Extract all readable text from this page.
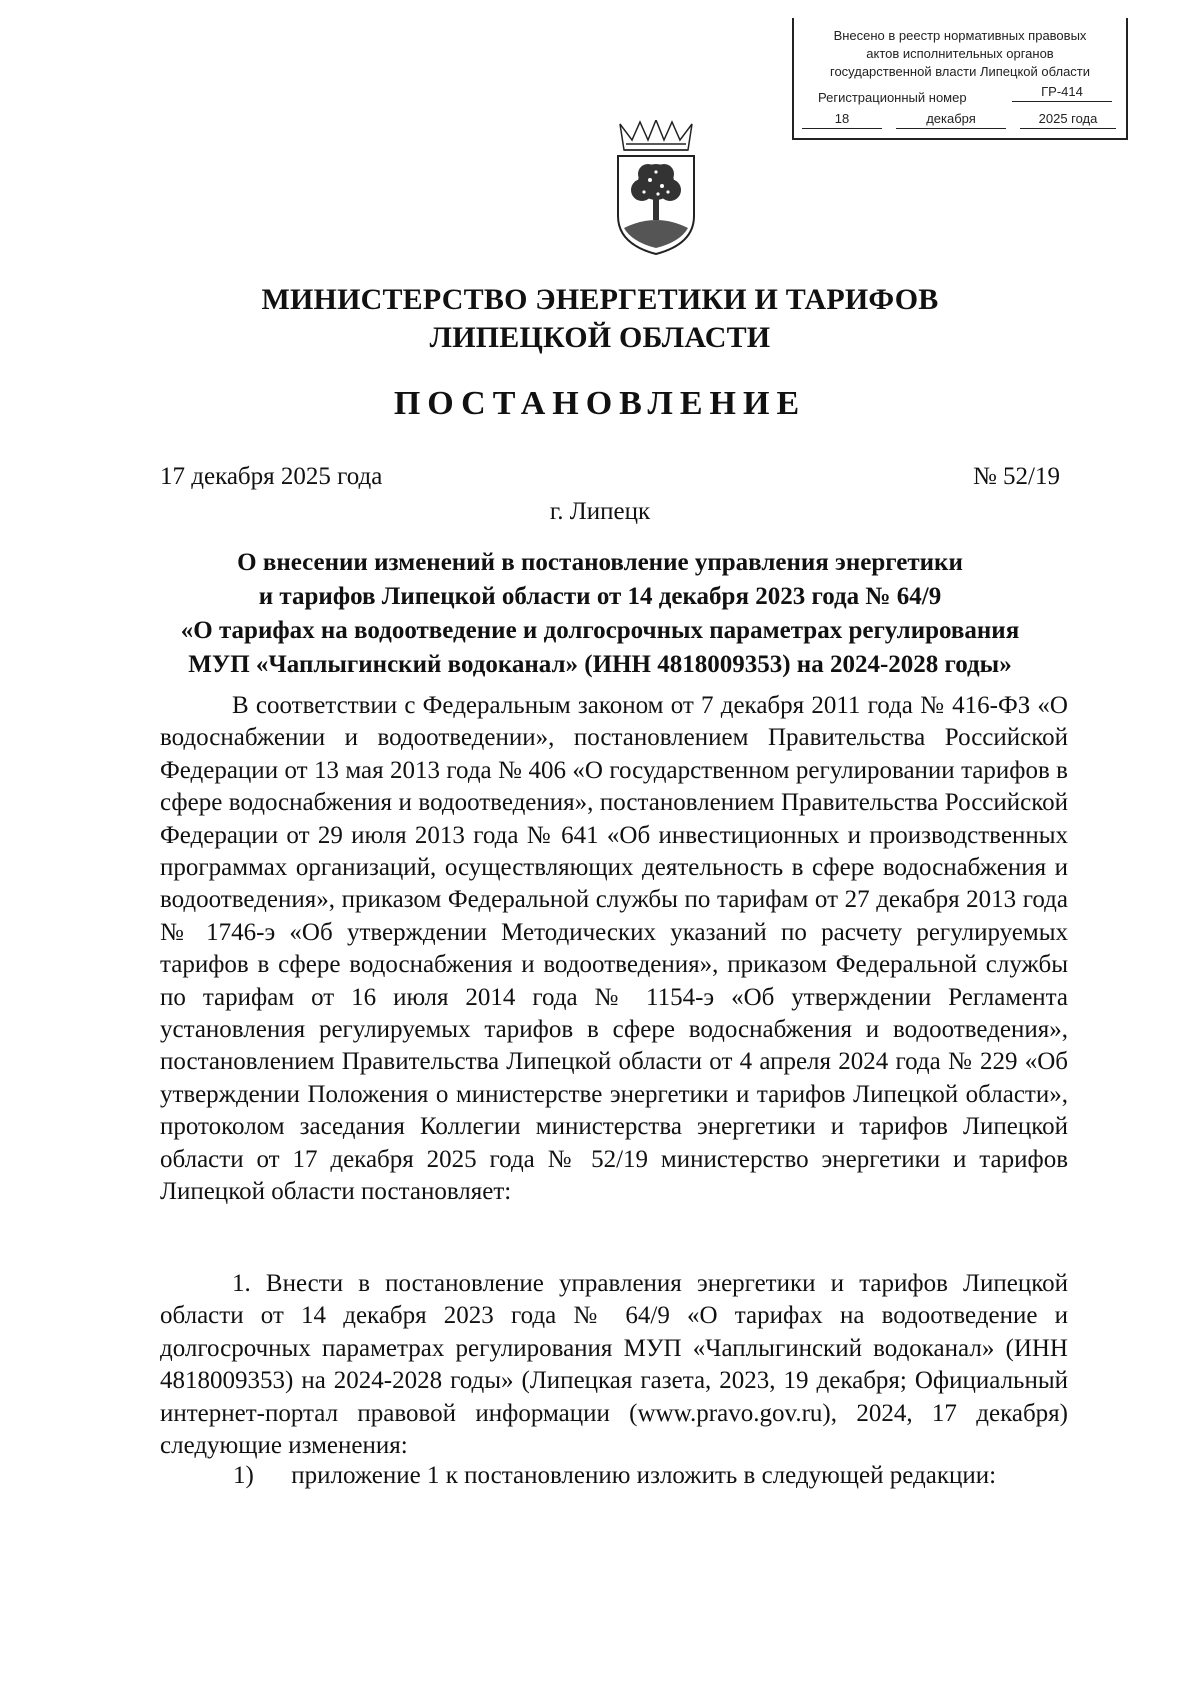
Внесено в реестр нормативных правовых
актов исполнительных органов
государственной власти Липецкой области
Регистрационный номер	ГР-414
18	декабря	2025 года
МИНИСТЕРСТВО ЭНЕРГЕТИКИ И ТАРИФОВ
ЛИПЕЦКОЙ ОБЛАСТИ
ПОСТАНОВЛЕНИЕ
17 декабря 2025 года	№ 52/19
г. Липецк
О внесении изменений в постановление управления энергетики
и тарифов Липецкой области от 14 декабря 2023 года № 64/9
«О тарифах на водоотведение и долгосрочных параметрах регулирования
МУП «Чаплыгинский водоканал» (ИНН 4818009353) на 2024-2028 годы»

В соответствии с Федеральным законом от 7 декабря 2011 года № 416-ФЗ «О водоснабжении и водоотведении», постановлением Правительства Российской Федерации от 13 мая 2013 года № 406 «О государственном регулировании тарифов в сфере водоснабжения и водоотведения», постановлением Правительства Российской Федерации от 29 июля 2013 года № 641 «Об инвестиционных и производственных программах организаций, осуществляющих деятельность в сфере водоснабжения и водоотведения», приказом Федеральной службы по тарифам от 27 декабря 2013 года № 1746-э «Об утверждении Методических указаний по расчету регулируемых тарифов в сфере водоснабжения и водоотведения», приказом Федеральной службы по тарифам от 16 июля 2014 года № 1154-э «Об утверждении Регламента установления регулируемых тарифов в сфере водоснабжения и водоотведения», постановлением Правительства Липецкой области от 4 апреля 2024 года № 229 «Об утверждении Положения о министерстве энергетики и тарифов Липецкой области», протоколом заседания Коллегии министерства энергетики и тарифов Липецкой области от 17 декабря 2025 года № 52/19 министерство энергетики и тарифов Липецкой области постановляет:

1. Внести в постановление управления энергетики и тарифов Липецкой области от 14 декабря 2023 года № 64/9 «О тарифах на водоотведение и долгосрочных параметрах регулирования МУП «Чаплыгинский водоканал» (ИНН 4818009353) на 2024-2028 годы» (Липецкая газета, 2023, 19 декабря; Официальный интернет-портал правовой информации (www.pravo.gov.ru), 2024, 17 декабря) следующие изменения:

1) приложение 1 к постановлению изложить в следующей редакции:
